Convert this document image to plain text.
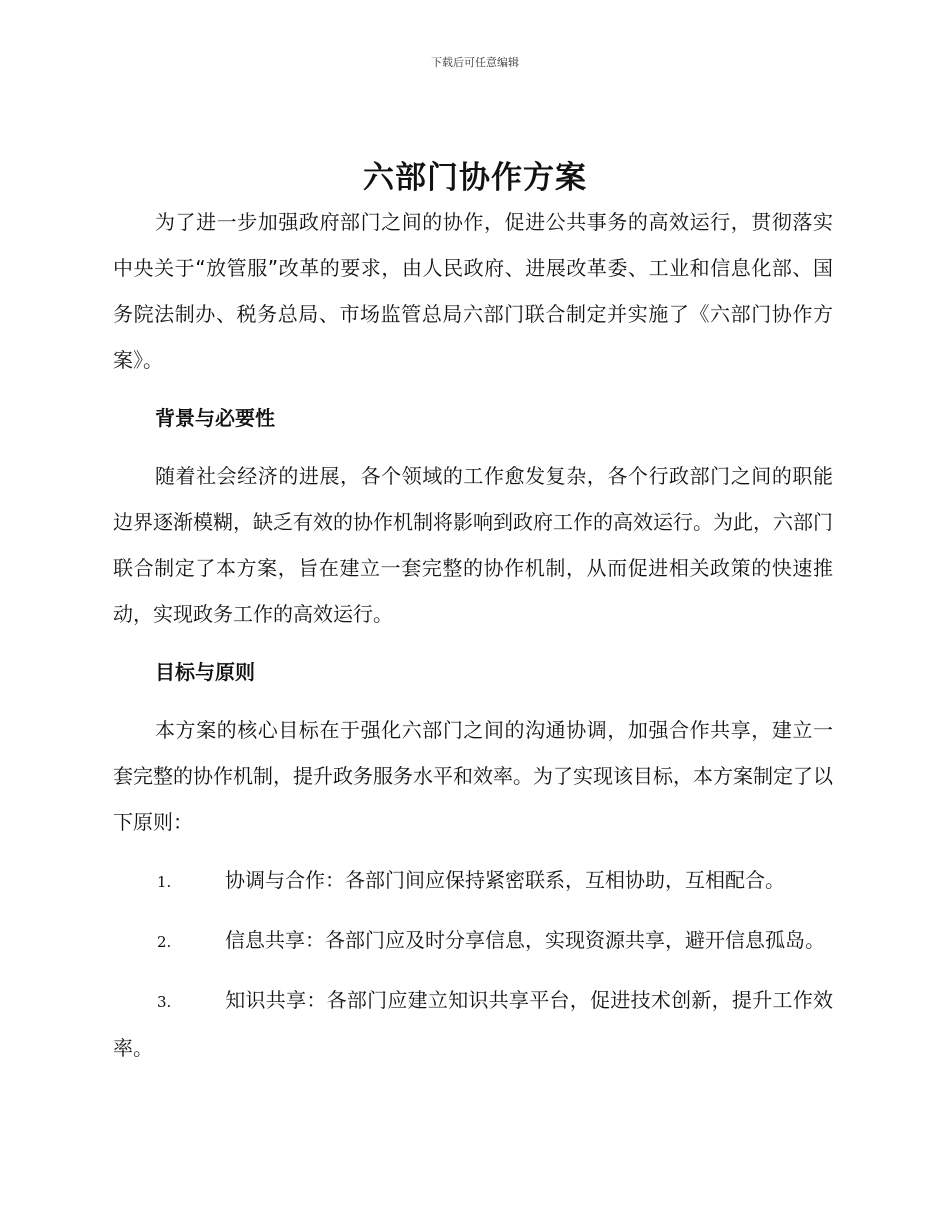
下载后可任意编辑
六部门协作方案

为了进一步加强政府部门之间的协作，促进公共事务的高效运行，贯彻落实中央关于“放管服”改革的要求，由人民政府、进展改革委、工业和信息化部、国务院法制办、税务总局、市场监管总局六部门联合制定并实施了《六部门协作方案》。

背景与必要性

随着社会经济的进展，各个领域的工作愈发复杂，各个行政部门之间的职能边界逐渐模糊，缺乏有效的协作机制将影响到政府工作的高效运行。为此，六部门联合制定了本方案，旨在建立一套完整的协作机制，从而促进相关政策的快速推动，实现政务工作的高效运行。

目标与原则

本方案的核心目标在于强化六部门之间的沟通协调，加强合作共享，建立一套完整的协作机制，提升政务服务水平和效率。为了实现该目标，本方案制定了以下原则：

1.	协调与合作：各部门间应保持紧密联系，互相协助，互相配合。

2.	信息共享：各部门应及时分享信息，实现资源共享，避开信息孤岛。

3.	知识共享：各部门应建立知识共享平台，促进技术创新，提升工作效率。
